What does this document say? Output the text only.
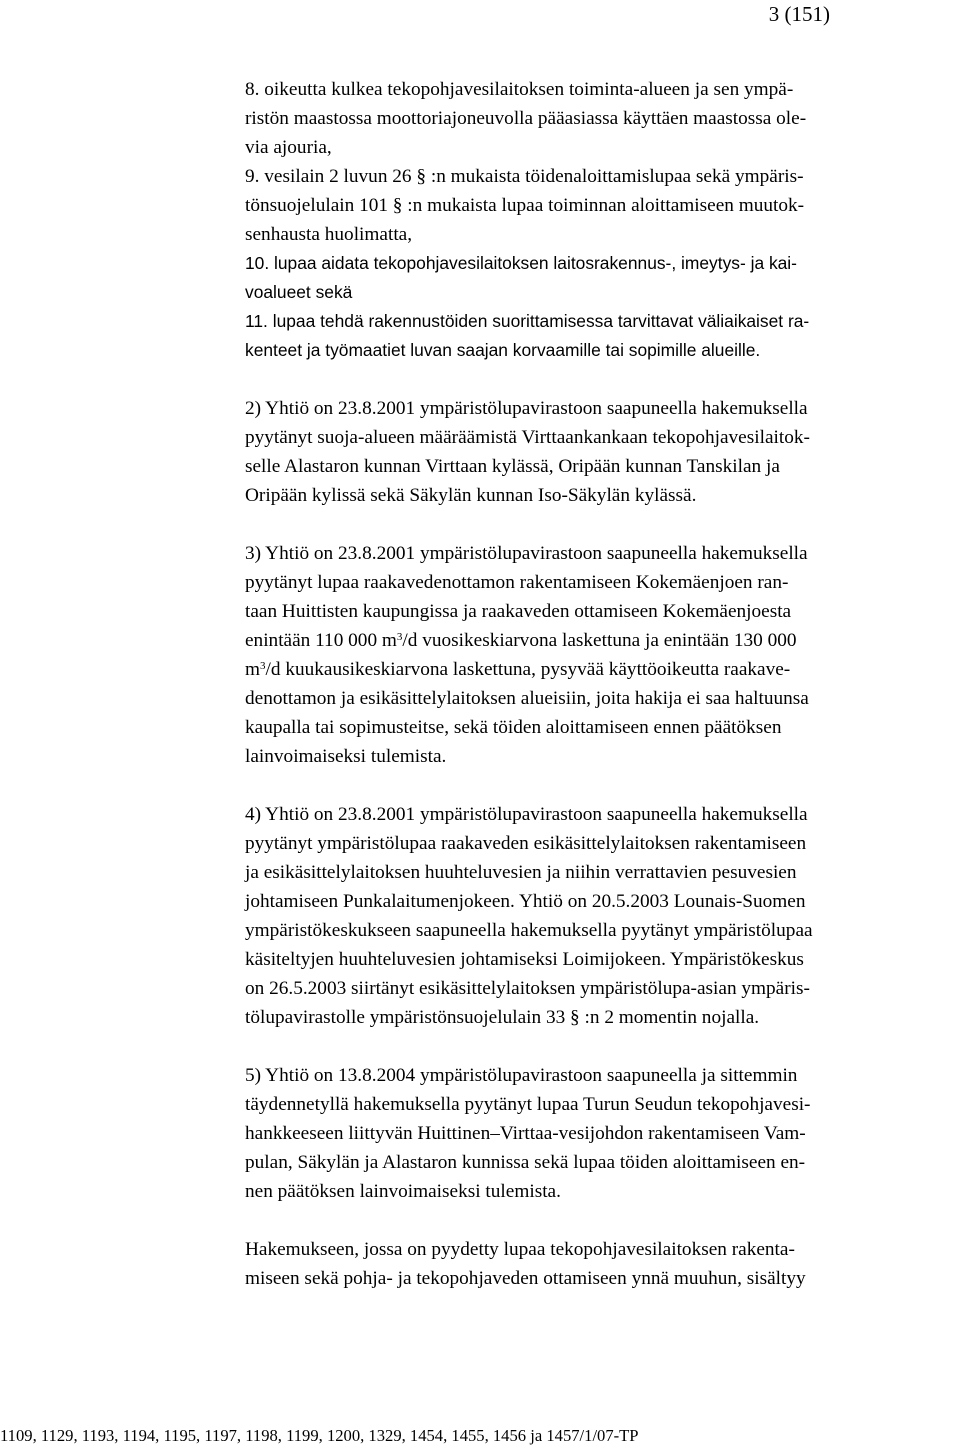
3 (151)
8. oikeutta kulkea tekopohjavesilaitoksen toiminta-alueen ja sen ympä-
ristön maastossa moottoriajoneuvolla pääasiassa käyttäen maastossa ole-
via ajouria,
9. vesilain 2 luvun 26 § :n mukaista töidenaloittamislupaa sekä ympäris-
tönsuojelulain 101 § :n mukaista lupaa toiminnan aloittamiseen muutok-
senhausta huolimatta,
10. lupaa aidata tekopohjavesilaitoksen laitosrakennus-, imeytys- ja kai-
voalueet sekä
11. lupaa tehdä rakennustöiden suorittamisessa tarvittavat väliaikaiset ra-
kenteet ja työmaatiet luvan saajan korvaamille tai sopimille alueille.
2) Yhtiö on 23.8.2001 ympäristölupavirastoon saapuneella hakemuksella
pyytänyt suoja-alueen määräämistä Virttaankankaan tekopohjavesilaitok-
selle Alastaron kunnan Virttaan kylässä, Oripään kunnan Tanskilan ja
Oripään kylissä sekä Säkylän kunnan Iso-Säkylän kylässä.
3) Yhtiö on 23.8.2001 ympäristölupavirastoon saapuneella hakemuksella
pyytänyt lupaa raakavedenottamon rakentamiseen Kokemäenjoen ran-
taan Huittisten kaupungissa ja raakaveden ottamiseen Kokemäenjoesta
enintään 110 000 $m^3/d$ vuosikeskiarvona laskettuna ja enintään 130 000
$m^3/d$ kuukausikeskiarvona laskettuna, pysyvää käyttöoikeutta raakave-
denottamon ja esikäsittelylaitoksen alueisiin, joita hakija ei saa haltuunsa
kaupalla tai sopimusteitse, sekä töiden aloittamiseen ennen päätöksen
lainvoimaiseksi tulemista.
4) Yhtiö on 23.8.2001 ympäristölupavirastoon saapuneella hakemuksella
pyytänyt ympäristölupaa raakaveden esikäsittelylaitoksen rakentamiseen
ja esikäsittelylaitoksen huuhteluvesien ja niihin verrattavien pesuvesien
johtamiseen Punkalaitumenjokeen. Yhtiö on 20.5.2003 Lounais-Suomen
ympäristökeskukseen saapuneella hakemuksella pyytänyt ympäristölupaa
käsiteltyjen huuhteluvesien johtamiseksi Loimijokeen. Ympäristökeskus
on 26.5.2003 siirtänyt esikäsittelylaitoksen ympäristölupa-asian ympäris-
tölupavirastolle ympäristönsuojelulain 33 § :n 2 momentin nojalla.
5) Yhtiö on 13.8.2004 ympäristölupavirastoon saapuneella ja sittemmin
täydennetyllä hakemuksella pyytänyt lupaa Turun Seudun tekopohjavesi-
hankkeeseen liittyvän Huittinen–Virttaa-vesijohdon rakentamiseen Vam-
pulan, Säkylän ja Alastaron kunnissa sekä lupaa töiden aloittamiseen en-
nen päätöksen lainvoimaiseksi tulemista.
Hakemukseen, jossa on pyydetty lupaa tekopohjavesilaitoksen rakenta-
miseen sekä pohja- ja tekopohjaveden ottamiseen ynnä muuhun, sisältyy
1109, 1129, 1193, 1194, 1195, 1197, 1198, 1199, 1200, 1329, 1454, 1455, 1456 ja 1457/1/07-TP
